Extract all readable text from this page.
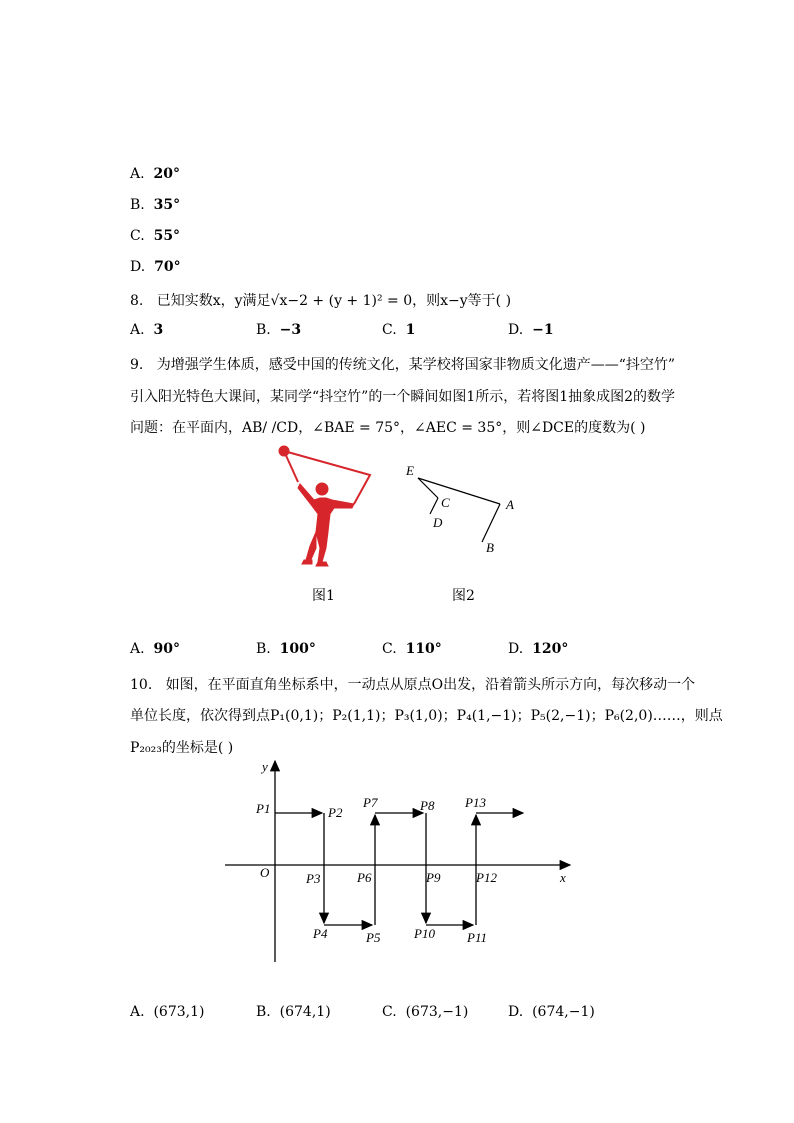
A. 20°
B. 35°
C. 55°
D. 70°
8. 已知实数x，y满足√x−2 + (y + 1)² = 0，则x−y等于( )
A. 3	B. −3	C. 1	D. −1
9. 为增强学生体质，感受中国的传统文化，某学校将国家非物质文化遗产——“抖空竹”
引入阳光特色大课间，某同学“抖空竹”的一个瞬间如图1所示，若将图1抽象成图2的数学
问题：在平面内，AB/ /CD，∠BAE = 75°，∠AEC = 35°，则∠DCE的度数为( )
E
C
D
A
B
图1	图2
A. 90°	B. 100°	C. 110°	D. 120°
10. 如图，在平面直角坐标系中，一动点从原点O出发，沿着箭头所示方向，每次移动一个
单位长度，依次得到点P₁(0,1)；P₂(1,1)；P₃(1,0)；P₄(1,−1)；P₅(2,−1)；P₆(2,0)……，则点
P₂₀₂₃的坐标是( )
y
x
O
P1	P2
P3
P4	P5
P6
P7	P8
P9
P10 P11
P12
P13
A. (673,1)	B. (674,1)	C. (673,−1)	D. (674,−1)
